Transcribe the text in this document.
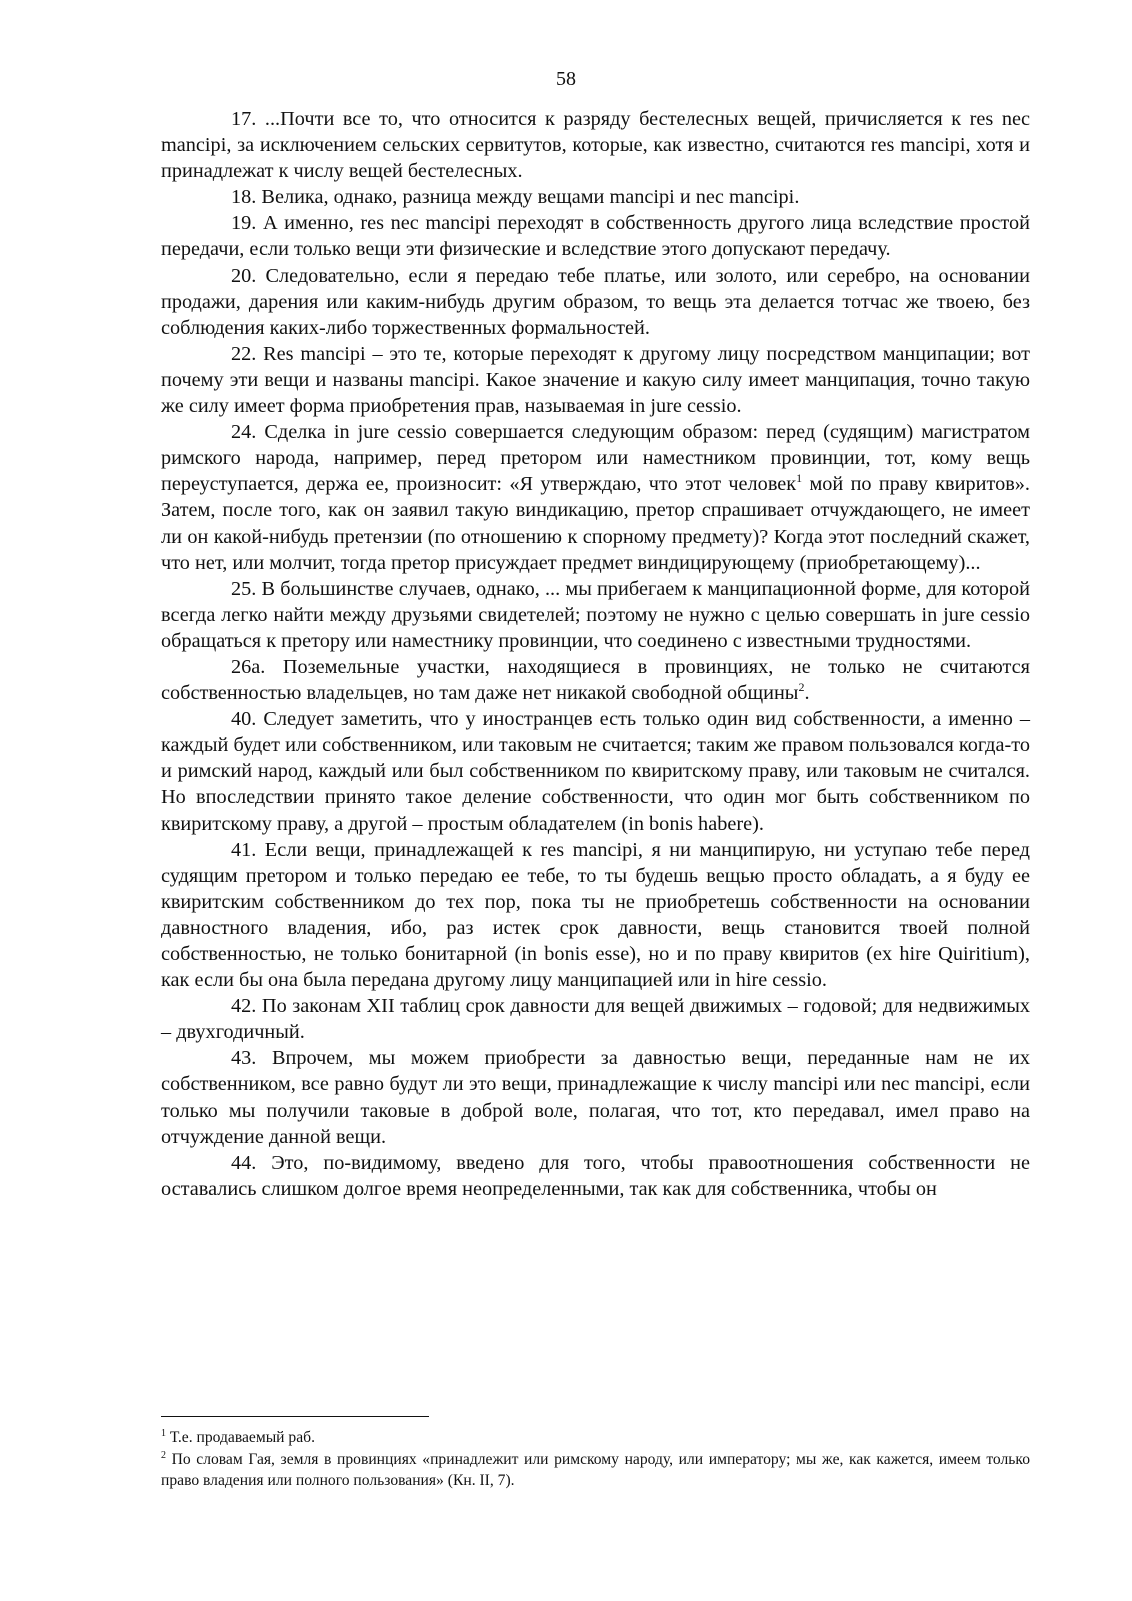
58

17. ...Почти все то, что относится к разряду бестелесных вещей, причисляется к res nec mancipi, за исключением сельских сервитутов, которые, как известно, считаются res mancipi, хотя и принадлежат к числу вещей бестелесных.

18. Велика, однако, разница между вещами mancipi и nec mancipi.

19. А именно, res nec mancipi переходят в собственность другого лица вследствие простой передачи, если только вещи эти физические и вследствие этого допускают передачу.

20. Следовательно, если я передаю тебе платье, или золото, или серебро, на основании продажи, дарения или каким-нибудь другим образом, то вещь эта делается тотчас же твоею, без соблюдения каких-либо торжественных формальностей.

22. Res mancipi – это те, которые переходят к другому лицу посредством манципации; вот почему эти вещи и названы mancipi. Какое значение и какую силу имеет манципация, точно такую же силу имеет форма приобретения прав, называемая in jure cessio.

24. Сделка in jure cessio совершается следующим образом: перед (судящим) магистратом римского народа, например, перед претором или наместником провинции, тот, кому вещь переуступается, держа ее, произносит: «Я утверждаю, что этот человек$^1$ мой по праву квиритов». Затем, после того, как он заявил такую виндикацию, претор спрашивает отчуждающего, не имеет ли он какой-нибудь претензии (по отношению к спорному предмету)? Когда этот последний скажет, что нет, или молчит, тогда претор присуждает предмет виндицирующему (приобретающему)...

25. В большинстве случаев, однако, ... мы прибегаем к манципационной форме, для которой всегда легко найти между друзьями свидетелей; поэтому не нужно с целью совершать in jure cessio обращаться к претору или наместнику провинции, что соединено с известными трудностями.

26а. Поземельные участки, находящиеся в провинциях, не только не считаются собственностью владельцев, но там даже нет никакой свободной общины$^2$.

40. Следует заметить, что у иностранцев есть только один вид собственности, а именно – каждый будет или собственником, или таковым не считается; таким же правом пользовался когда-то и римский народ, каждый или был собственником по квиритскому праву, или таковым не считался. Но впоследствии принято такое деление собственности, что один мог быть собственником по квиритскому праву, а другой – простым обладателем (in bonis habere).

41. Если вещи, принадлежащей к res mancipi, я ни манципирую, ни уступаю тебе перед судящим претором и только передаю ее тебе, то ты будешь вещью просто обладать, а я буду ее квиритским собственником до тех пор, пока ты не приобретешь собственности на основании давностного владения, ибо, раз истек срок давности, вещь становится твоей полной собственностью, не только бонитарной (in bonis esse), но и по праву квиритов (ex hire Quiritium), как если бы она была передана другому лицу манципацией или in hire cessio.

42. По законам XII таблиц срок давности для вещей движимых – годовой; для недвижимых – двухгодичный.

43. Впрочем, мы можем приобрести за давностью вещи, переданные нам не их собственником, все равно будут ли это вещи, принадлежащие к числу mancipi или nec mancipi, если только мы получили таковые в доброй воле, полагая, что тот, кто передавал, имел право на отчуждение данной вещи.

44. Это, по-видимому, введено для того, чтобы правоотношения собственности не оставались слишком долгое время неопределенными, так как для собственника, чтобы он

$^1$ Т.е. продаваемый раб.

$^2$ По словам Гая, земля в провинциях «принадлежит или римскому народу, или императору; мы же, как кажется, имеем только право владения или полного пользования» (Кн. II, 7).
